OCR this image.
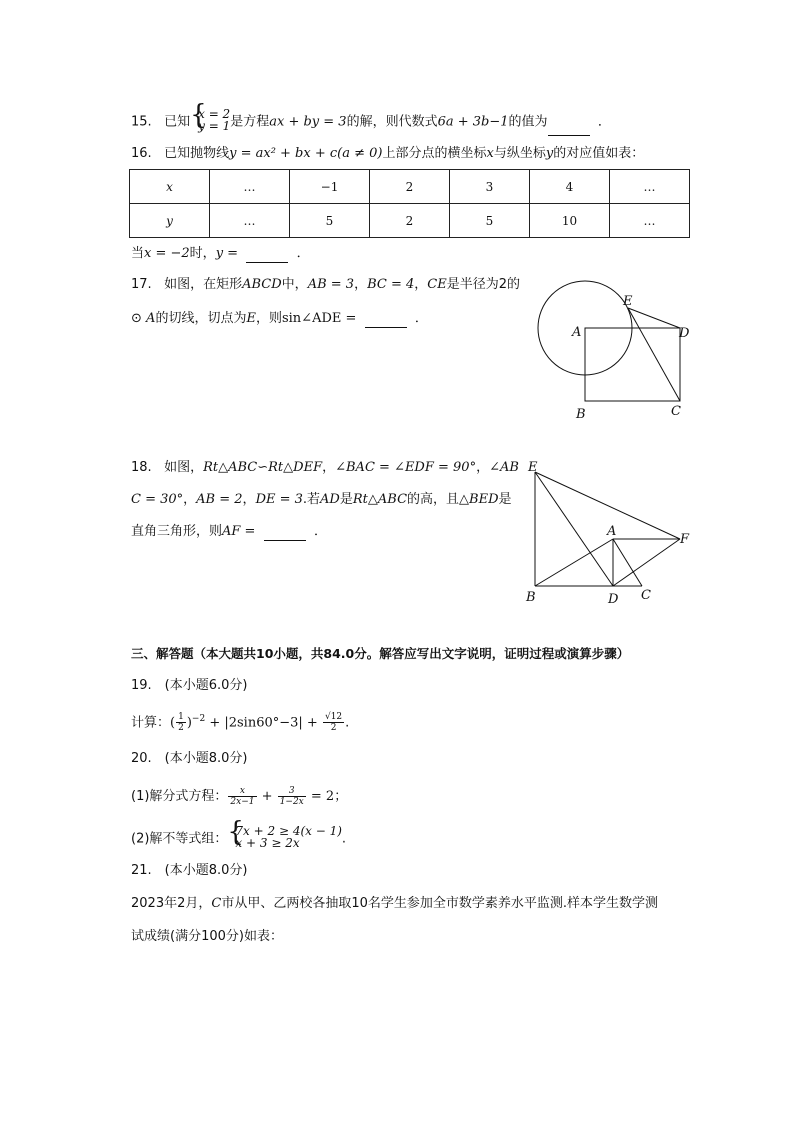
15. 已知 {
x = 2
y = 1是方程ax + by = 3的解，则代数式6a + 3b−1的值为	．
16. 已知抛物线y = ax² + bx + c(a ≠ 0)上部分点的横坐标x与纵坐标y的对应值如表：
x	…	−1	2	3	4	…
y	…	5	2	5	10	…
当x = −2时，y =	．
17. 如图，在矩形ABCD中，AB = 3，BC = 4，CE是半径为2的
⊙ A的切线，切点为E，则sin∠ADE =	．
E
A	D
B	C
18. 如图，Rt△ABC∽Rt△DEF，∠BAC = ∠EDF = 90°，∠AB
C = 30°，AB = 2，DE = 3.若AD是Rt△ABC的高，且△BED是
直角三角形，则AF =	．
E
A
F
B	D C
三、解答题（本大题共10小题，共84.0分。解答应写出文字说明，证明过程或演算步骤）
19.　(本小题6.0分)
计算：( $\frac{1}{2} )^{-2} + |2\sin 60^\circ-3| + \frac{√12}{2}$ .
20.　(本小题8.0分)
(1)解分式方程： $\frac{x}{2x-1} + \frac{3}{1-2x} = 2$；
(2)解不等式组： {
7x + 2 ≥ 4(x − 1)
x + 3 ≥ 2x	.
21.　(本小题8.0分)
2023年2月，C市从甲、乙两校各抽取10名学生参加全市数学素养水平监测.样本学生数学测
试成绩(满分100分)如表：
